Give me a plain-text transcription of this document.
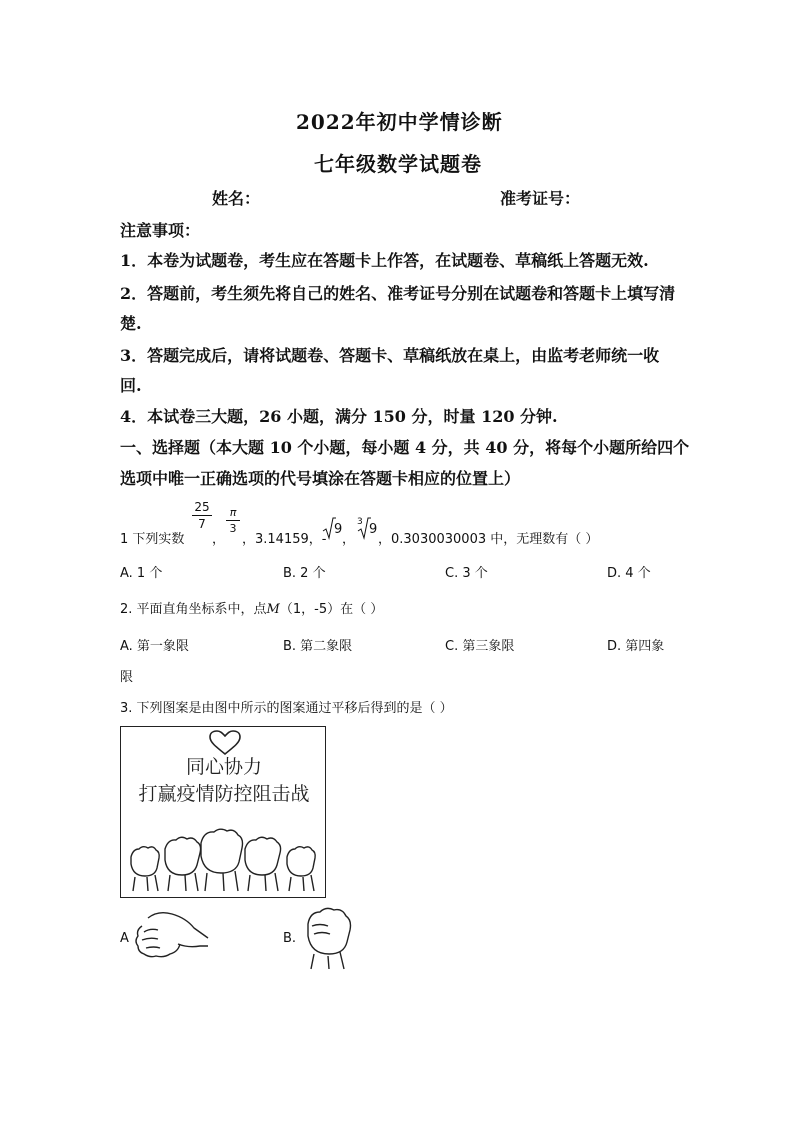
2022年初中学情诊断
七年级数学试题卷
姓名：	准考证号：
注意事项：
1．本卷为试题卷，考生应在答题卡上作答，在试题卷、草稿纸上答题无效.
2．答题前，考生须先将自己的姓名、准考证号分别在试题卷和答题卡上填写清
楚.
3．答题完成后，请将试题卷、答题卡、草稿纸放在桌上，由监考老师统一收
回.
4．本试卷三大题，26 小题，满分 150 分，时量 120 分钟.
一、选择题（本大题 10 个小题，每小题 4 分，共 40 分，将每个小题所给四个
选项中唯一正确选项的代号填涂在答题卡相应的位置上）
1 下列实数
25
7
，
π
3
，3.14159，-
9
，
3 9
，0.3030030003 中，无理数有（ ）
A. 1 个	B. 2 个	C. 3 个	D. 4 个
2. 平面直角坐标系中，点M（1，-5）在（ ）
A. 第一象限	B. 第二象限	C. 第三象限	D. 第四象
限
3. 下列图案是由图中所示的图案通过平移后得到的是（ ）
同心协力
打赢疫情防控阻击战
A	B.
